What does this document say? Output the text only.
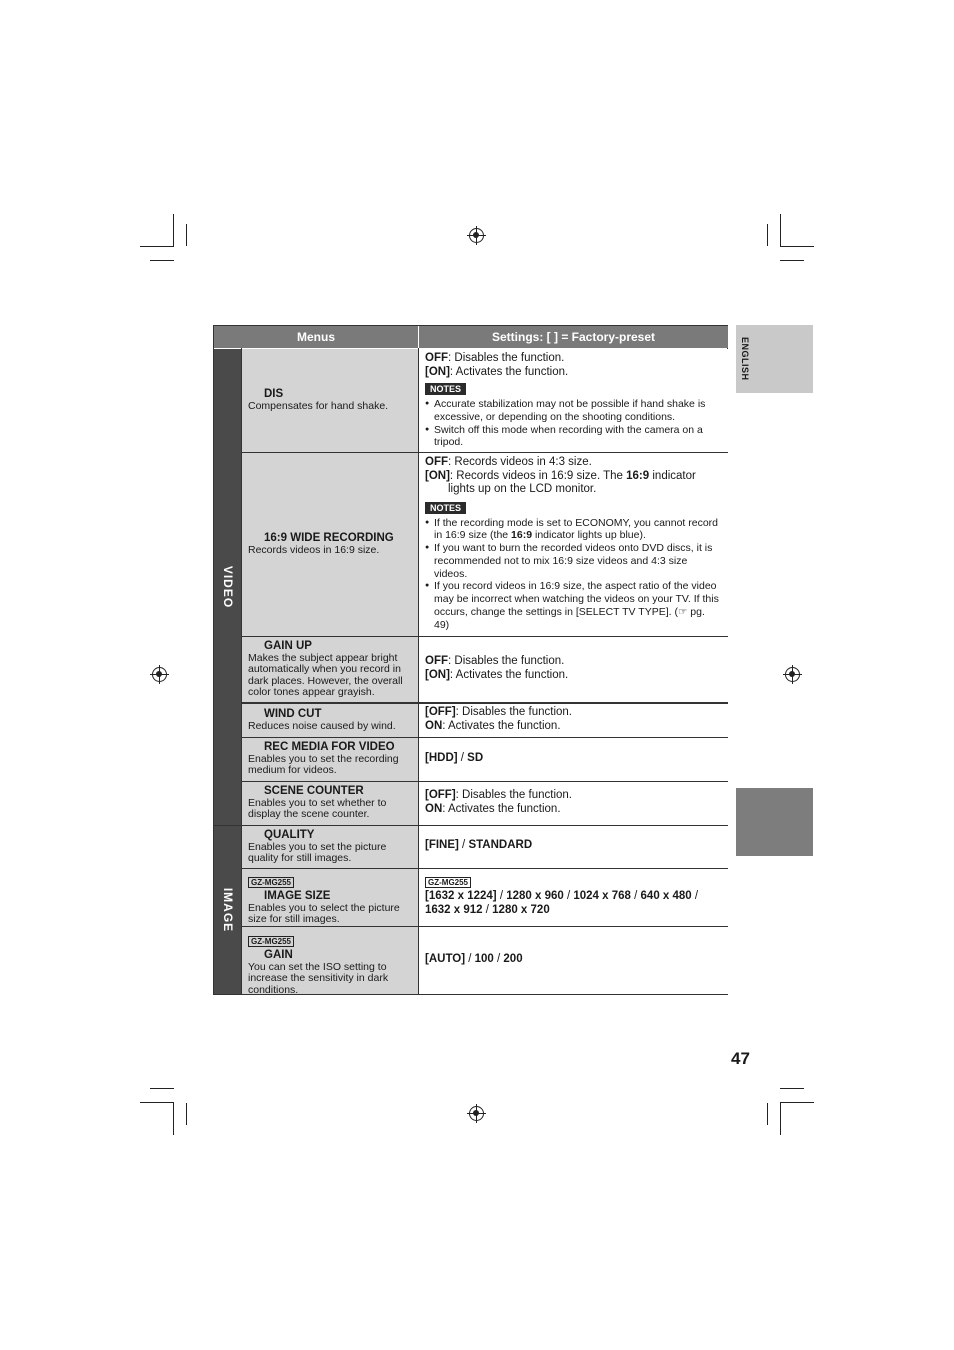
ENGLISH
47
Menus	Settings: [ ] = Factory-preset
VIDEO
IMAGE
DIS
Compensates for hand shake.
OFF: Disables the function.
[ON]: Activates the function.
NOTES
● Accurate stabilization may not be possible if hand shake is excessive, or depending on the shooting conditions.
● Switch off this mode when recording with the camera on a tripod.
16:9 WIDE RECORDING
Records videos in 16:9 size.
OFF: Records videos in 4:3 size.
[ON]: Records videos in 16:9 size. The 16:9 indicator lights up on the LCD monitor.
NOTES
● If the recording mode is set to ECONOMY, you cannot record in 16:9 size (the 16:9 indicator lights up blue).
● If you want to burn the recorded videos onto DVD discs, it is recommended not to mix 16:9 size videos and 4:3 size videos.
● If you record videos in 16:9 size, the aspect ratio of the video may be incorrect when watching the videos on your TV. If this occurs, change the settings in [SELECT TV TYPE]. (☞ pg. 49)
GAIN UP
Makes the subject appear bright automatically when you record in dark places. However, the overall color tones appear grayish.
OFF: Disables the function.
[ON]: Activates the function.
WIND CUT
Reduces noise caused by wind.
[OFF]: Disables the function.
ON: Activates the function.
REC MEDIA FOR VIDEO
Enables you to set the recording medium for videos.
[HDD] / SD
SCENE COUNTER
Enables you to set whether to display the scene counter.
[OFF]: Disables the function.
ON: Activates the function.
QUALITY
Enables you to set the picture quality for still images.
[FINE] / STANDARD
GZ-MG255
IMAGE SIZE
Enables you to select the picture size for still images.
GZ-MG255
[1632 x 1224] / 1280 x 960 / 1024 x 768 / 640 x 480 / 1632 x 912 / 1280 x 720
GZ-MG255
GAIN
You can set the ISO setting to increase the sensitivity in dark conditions.
[AUTO] / 100 / 200
